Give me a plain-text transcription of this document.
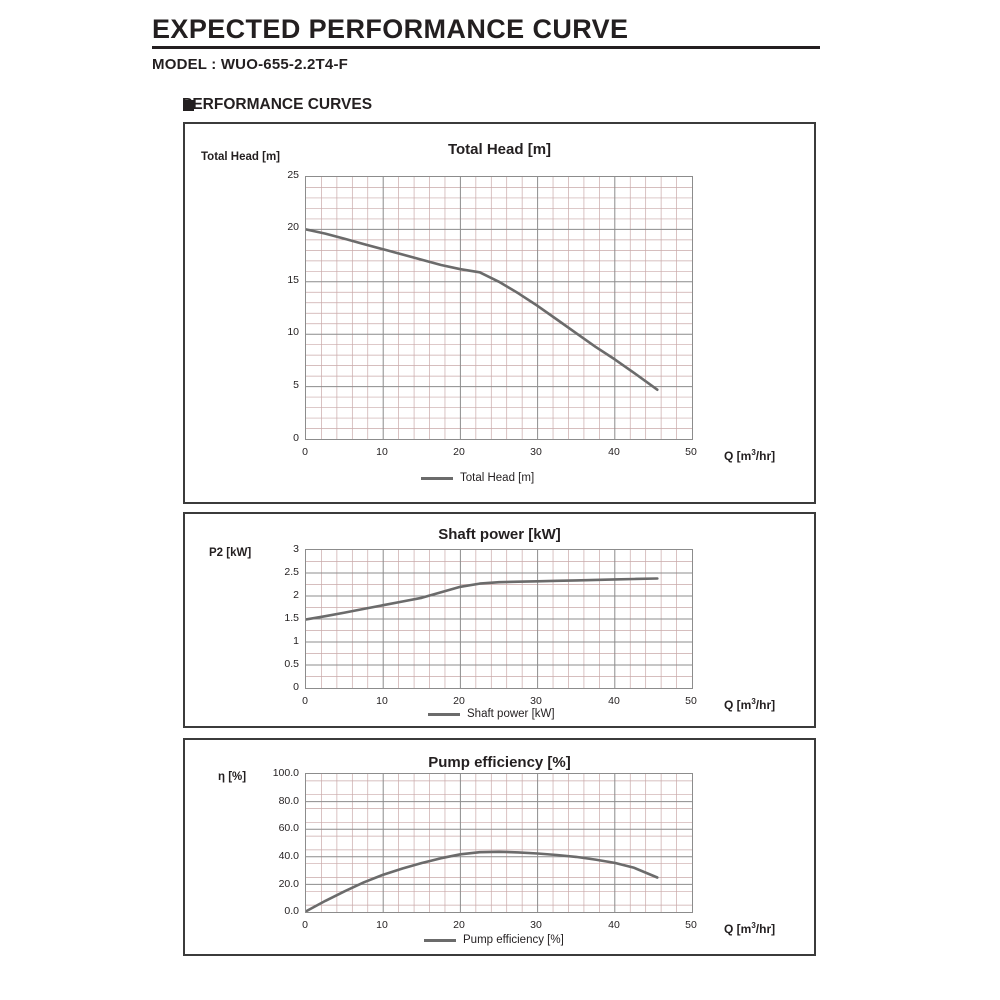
EXPECTED PERFORMANCE CURVE
MODEL : WUO-655-2.2T4-F
PERFORMANCE CURVES
Total Head [m]
Total Head [m]
25
20
15
10
5
0
0	10	20	30	40	50	Q $[m^3/hr]$
Total Head [m]
Shaft power [kW]
P2 [kW]	3
2.5
2
1.5
1
0.5
0
0	10	20	30	40	50	Q $[m^3/hr]$
Shaft power [kW]
Pump efficiency [%]
η [%]	100.0
80.0
60.0
40.0
20.0
0.0
0	10	20	30	40	50	Q $[m^3/hr]$
Pump efficiency [%]
